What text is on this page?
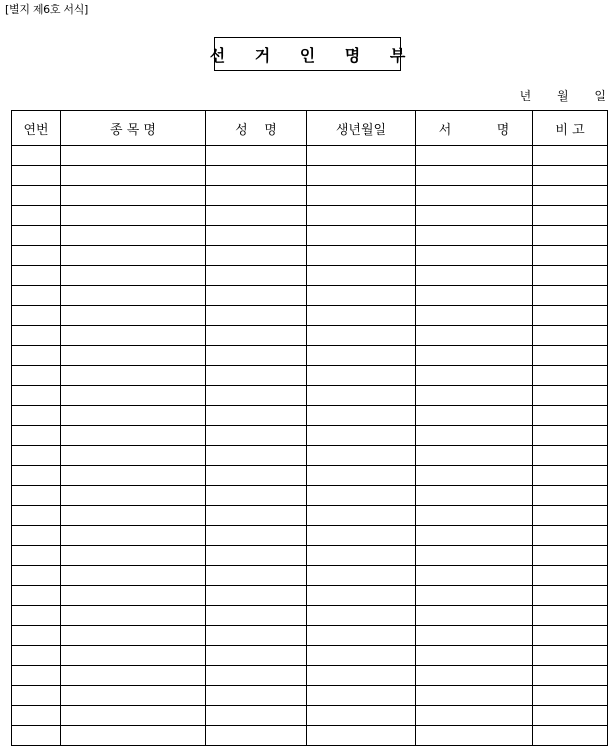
[별지 제6호 서식]
선 거 인 명 부
년 월 일
연번	종 목 명	성    명	생년월일	서           명	비 고
